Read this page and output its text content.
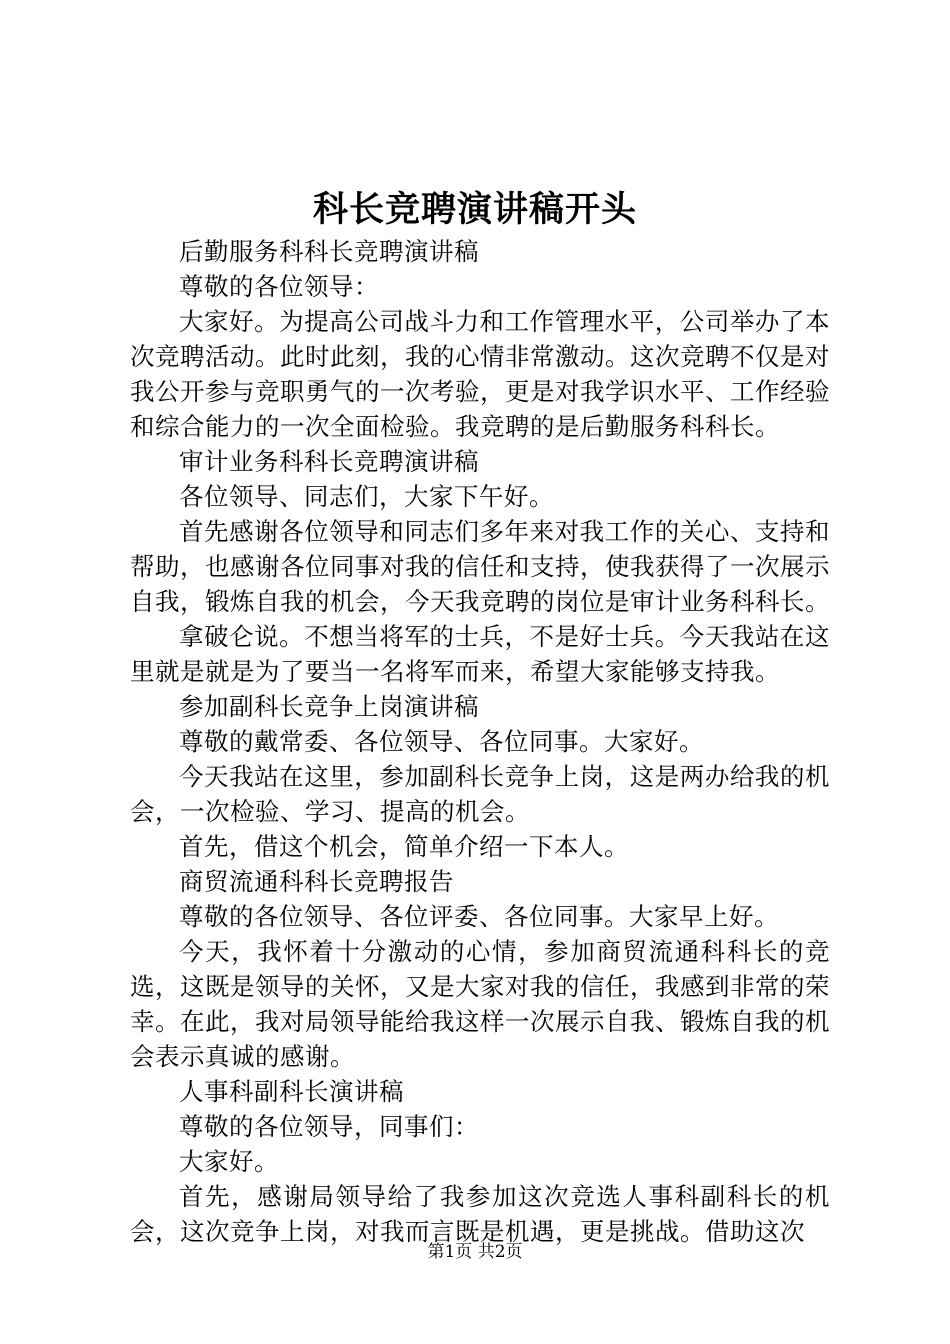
科长竞聘演讲稿开头

后勤服务科科长竞聘演讲稿

尊敬的各位领导：

大家好。为提高公司战斗力和工作管理水平，公司举办了本次竞聘活动。此时此刻，我的心情非常激动。这次竞聘不仅是对我公开参与竞职勇气的一次考验，更是对我学识水平、工作经验和综合能力的一次全面检验。我竞聘的是后勤服务科科长。

审计业务科科长竞聘演讲稿

各位领导、同志们，大家下午好。

首先感谢各位领导和同志们多年来对我工作的关心、支持和帮助，也感谢各位同事对我的信任和支持，使我获得了一次展示自我，锻炼自我的机会，今天我竞聘的岗位是审计业务科科长。

拿破仑说。不想当将军的士兵，不是好士兵。今天我站在这里就是就是为了要当一名将军而来，希望大家能够支持我。

参加副科长竞争上岗演讲稿

尊敬的戴常委、各位领导、各位同事。大家好。

今天我站在这里，参加副科长竞争上岗，这是两办给我的机会，一次检验、学习、提高的机会。

首先，借这个机会，简单介绍一下本人。

商贸流通科科长竞聘报告

尊敬的各位领导、各位评委、各位同事。大家早上好。

今天，我怀着十分激动的心情，参加商贸流通科科长的竞选，这既是领导的关怀，又是大家对我的信任，我感到非常的荣幸。在此，我对局领导能给我这样一次展示自我、锻炼自我的机会表示真诚的感谢。

人事科副科长演讲稿

尊敬的各位领导，同事们：

大家好。

首先，感谢局领导给了我参加这次竞选人事科副科长的机会，这次竞争上岗，对我而言既是机遇，更是挑战。借助这次

第1页 共2页
